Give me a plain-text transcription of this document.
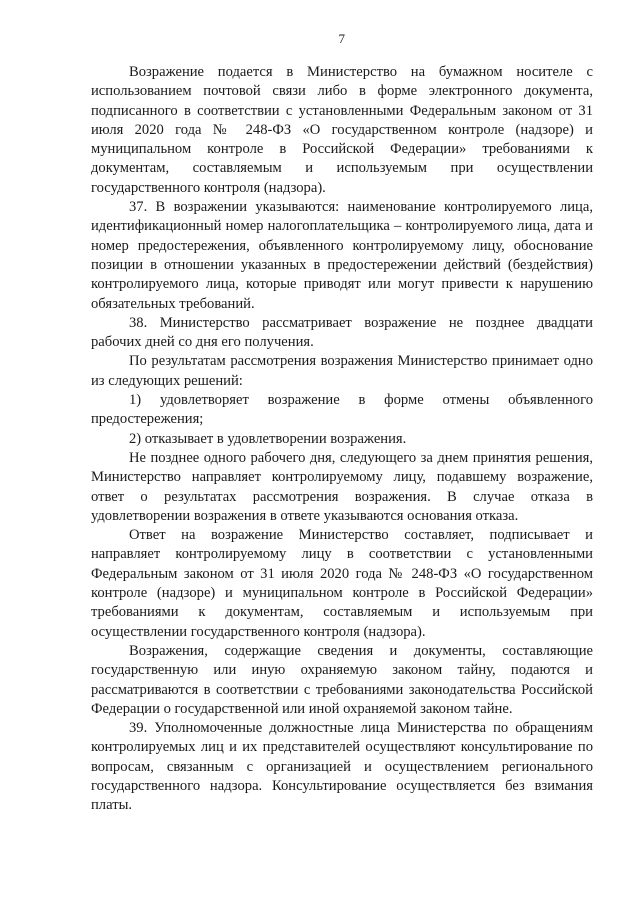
7

Возражение подается в Министерство на бумажном носителе с использованием почтовой связи либо в форме электронного документа, подписанного в соответствии с установленными Федеральным законом от 31 июля 2020 года № 248-ФЗ «О государственном контроле (надзоре) и муниципальном контроле в Российской Федерации» требованиями к документам, составляемым и используемым при осуществлении государственного контроля (надзора).

37. В возражении указываются: наименование контролируемого лица, идентификационный номер налогоплательщика – контролируемого лица, дата и номер предостережения, объявленного контролируемому лицу, обоснование позиции в отношении указанных в предостережении действий (бездействия) контролируемого лица, которые приводят или могут привести к нарушению обязательных требований.

38. Министерство рассматривает возражение не позднее двадцати рабочих дней со дня его получения.

По результатам рассмотрения возражения Министерство принимает одно из следующих решений:

1) удовлетворяет возражение в форме отмены объявленного предостережения;

2) отказывает в удовлетворении возражения.

Не позднее одного рабочего дня, следующего за днем принятия решения, Министерство направляет контролируемому лицу, подавшему возражение, ответ о результатах рассмотрения возражения. В случае отказа в удовлетворении возражения в ответе указываются основания отказа.

Ответ на возражение Министерство составляет, подписывает и направляет контролируемому лицу в соответствии с установленными Федеральным законом от 31 июля 2020 года № 248-ФЗ «О государственном контроле (надзоре) и муниципальном контроле в Российской Федерации» требованиями к документам, составляемым и используемым при осуществлении государственного контроля (надзора).

Возражения, содержащие сведения и документы, составляющие государственную или иную охраняемую законом тайну, подаются и рассматриваются в соответствии с требованиями законодательства Российской Федерации о государственной или иной охраняемой законом тайне.

39. Уполномоченные должностные лица Министерства по обращениям контролируемых лиц и их представителей осуществляют консультирование по вопросам, связанным с организацией и осуществлением регионального государственного надзора. Консультирование осуществляется без взимания платы.
